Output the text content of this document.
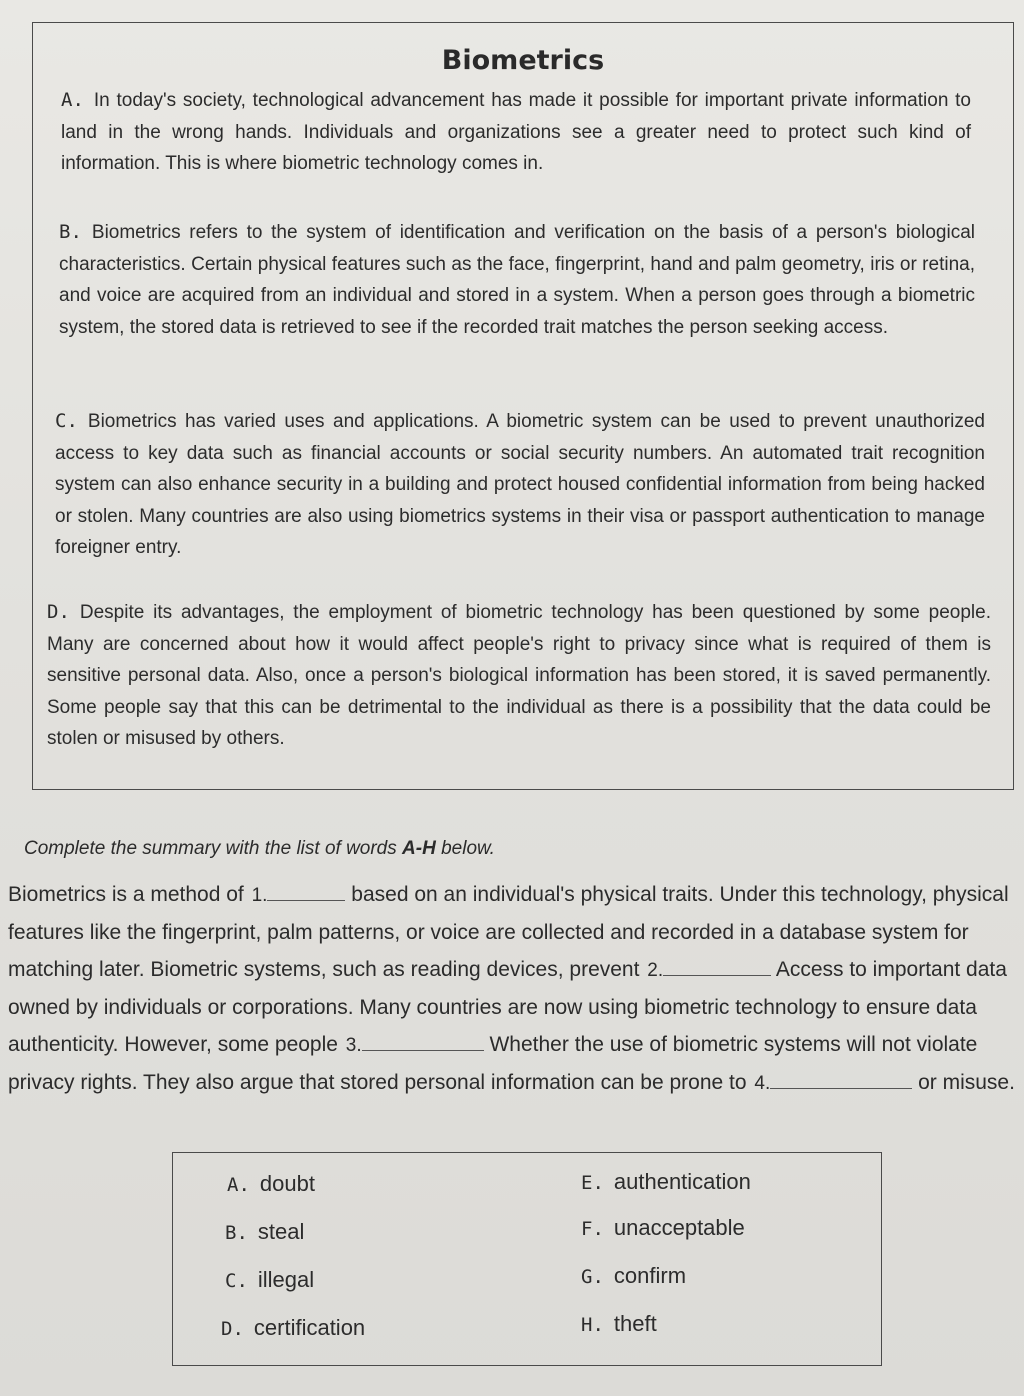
Biometrics
A. In today's society, technological advancement has made it possible for important private information to land in the wrong hands. Individuals and organizations see a greater need to protect such kind of information. This is where biometric technology comes in.
B. Biometrics refers to the system of identification and verification on the basis of a person's biological characteristics. Certain physical features such as the face, fingerprint, hand and palm geometry, iris or retina, and voice are acquired from an individual and stored in a system. When a person goes through a biometric system, the stored data is retrieved to see if the recorded trait matches the person seeking access.
C. Biometrics has varied uses and applications. A biometric system can be used to prevent unauthorized access to key data such as financial accounts or social security numbers. An automated trait recognition system can also enhance security in a building and protect housed confidential information from being hacked or stolen. Many countries are also using biometrics systems in their visa or passport authentication to manage foreigner entry.
D. Despite its advantages, the employment of biometric technology has been questioned by some people. Many are concerned about how it would affect people's right to privacy since what is required of them is sensitive personal data. Also, once a person's biological information has been stored, it is saved permanently. Some people say that this can be detrimental to the individual as there is a possibility that the data could be stolen or misused by others.
Complete the summary with the list of words A-H below.
Biometrics is a method of 1.	based on an individual's physical traits. Under this technology, physical features like the fingerprint, palm patterns, or voice are collected and recorded in a database system for matching later. Biometric systems, such as reading devices, prevent 2.	Access to important data owned by individuals or corporations. Many countries are now using biometric technology to ensure data authenticity. However, some people 3.	Whether the use of biometric systems will not violate privacy rights. They also argue that stored personal information can be prone to 4.	or misuse.
A. doubt
B. steal
C. illegal
D. certification
E. authentication
F. unacceptable
G. confirm
H. theft
